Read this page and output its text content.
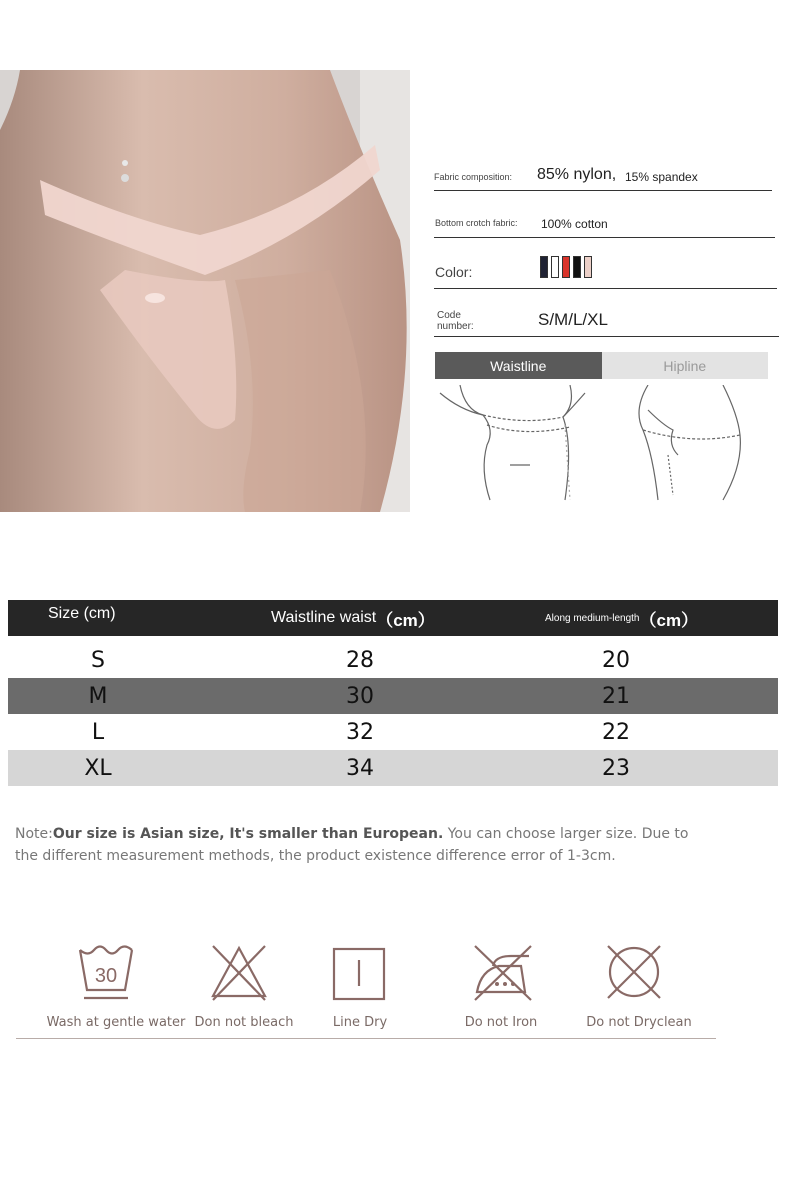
Fabric composition: 85% nylon, 15% spandex
Bottom crotch fabric: 100% cotton
Color:
Code
number:	S/M/L/XL
Waistline	Hipline
Size (cm)	Waistline waist （cm）	Along medium-length （cm）
S	28	20
M	30	21
L	32	22
XL	34	23
Note:Our size is Asian size, It's smaller than European. You can choose larger size. Due to the different measurement methods, the product existence difference error of 1-3cm.
30
Wash at gentle water Don not bleach	Line Dry	Do not Iron	Do not Dryclean
